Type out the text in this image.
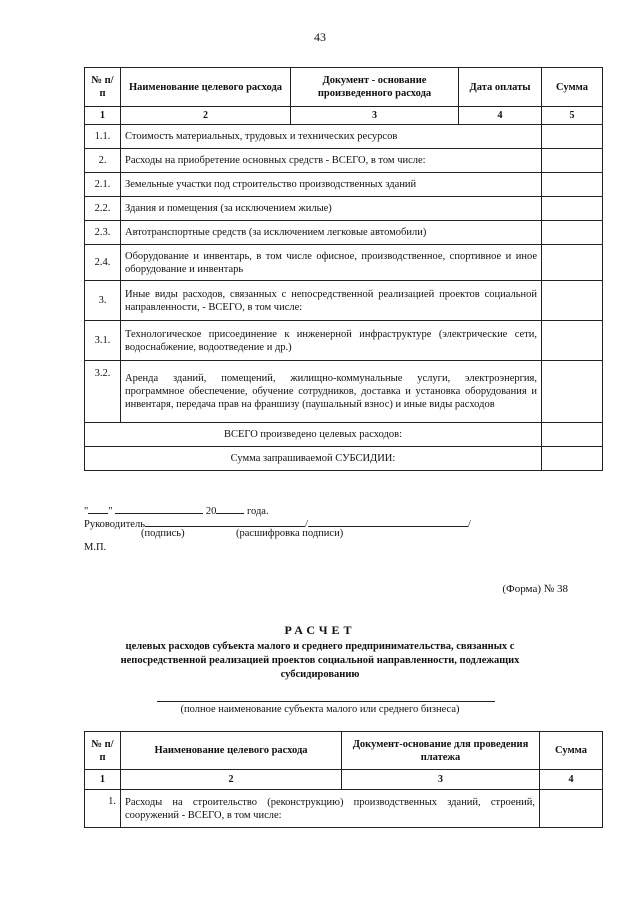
43
№ п/п	Наименование целевого расхода	Документ - основание произведенного расхода	Дата оплаты	Сумма
1	2	3	4	5
1.1.	Стоимость материальных, трудовых и технических ресурсов			
2.	Расходы на приобретение основных средств - ВСЕГО, в том числе:			
2.1.	Земельные участки под строительство производственных зданий			
2.2.	Здания и помещения (за исключением жилые)			
2.3.	Автотранспортные средств (за исключением легковые автомобили)			
2.4.	Оборудование и инвентарь, в том числе офисное, производственное, спортивное и иное оборудование и инвентарь			
3.	Иные виды расходов, связанных с непосредственной реализацией проектов социальной направленности, - ВСЕГО, в том числе:			
3.1.	Технологическое присоединение к инженерной инфраструктуре (электрические сети, водоснабжение, водоотведение и др.)			
3.2.	Аренда зданий, помещений, жилищно-коммунальные услуги, электроэнергия, программное обеспечение, обучение сотрудников, доставка и установка оборудования и инвентаря, передача прав на франшизу (паушальный взнос) и иные виды расходов			
ВСЕГО произведено целевых расходов:				
Сумма запрашиваемой СУБСИДИИ:				
" "	20	года.
Руководитель	/	/
(подпись)	(расшифровка подписи)
М.П.
(Форма) № 38
РАСЧЕТ
целевых расходов субъекта малого и среднего предпринимательства, связанных с непосредственной реализацией проектов социальной направленности, подлежащих субсидированию
(полное наименование субъекта малого или среднего бизнеса)
№ п/п	Наименование целевого расхода	Документ-основание для проведения платежа	Сумма
1	2	3	4
1.	Расходы на строительство (реконструкцию) производственных зданий, строений, сооружений - ВСЕГО, в том числе:		
